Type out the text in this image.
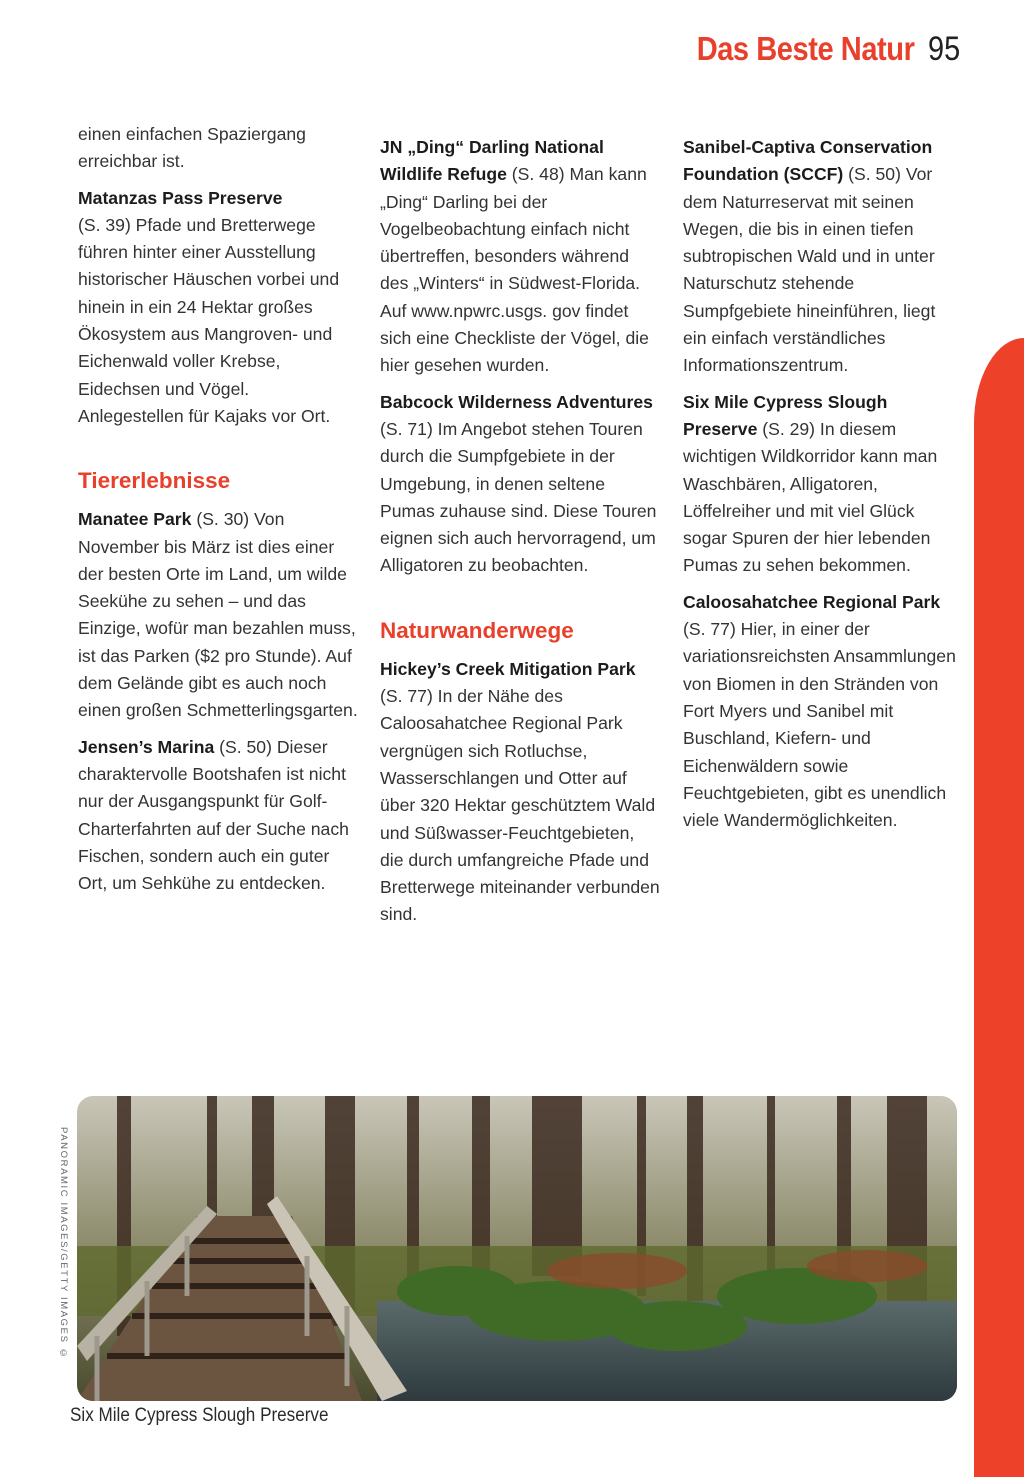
Das Beste Natur 95

einen einfachen Spaziergang erreichbar ist.

Matanzas Pass Preserve
(S. 39) Pfade und Bretterwege führen hinter einer Ausstellung historischer Häuschen vorbei und hinein in ein 24 Hektar großes Ökosystem aus Mangroven- und Eichenwald voller Krebse, Eidechsen und Vögel. Anlegestellen für Kajaks vor Ort.

Tiererlebnisse

Manatee Park (S. 30) Von November bis März ist dies einer der besten Orte im Land, um wilde Seekühe zu sehen – und das Einzige, wofür man bezahlen muss, ist das Parken ($2 pro Stunde). Auf dem Gelände gibt es auch noch einen großen Schmetterlingsgarten.

Jensen’s Marina (S. 50) Dieser charaktervolle Bootshafen ist nicht nur der Ausgangspunkt für Golf-Charterfahrten auf der Suche nach Fischen, sondern auch ein guter Ort, um Sehkühe zu entdecken.

JN „Ding“ Darling National Wildlife Refuge (S. 48) Man kann „Ding“ Darling bei der Vogelbeobachtung einfach nicht übertreffen, besonders während des „Winters“ in Südwest-Florida. Auf www.npwrc.usgs. gov findet sich eine Checkliste der Vögel, die hier gesehen wurden.

Babcock Wilderness Adventures (S. 71) Im Angebot stehen Touren durch die Sumpfgebiete in der Umgebung, in denen seltene Pumas zuhause sind. Diese Touren eignen sich auch hervorragend, um Alligatoren zu beobachten.

Naturwanderwege

Hickey’s Creek Mitigation Park (S. 77) In der Nähe des Caloosahatchee Regional Park vergnügen sich Rotluchse, Wasserschlangen und Otter auf über 320 Hektar geschütztem Wald und Süßwasser-Feuchtgebieten, die durch umfangreiche Pfade und Bretterwege miteinander verbunden sind.

Sanibel-Captiva Conservation Foundation (SCCF) (S. 50) Vor dem Naturreservat mit seinen Wegen, die bis in einen tiefen subtropischen Wald und in unter Naturschutz stehende Sumpfgebiete hineinführen, liegt ein einfach verständliches Informationszentrum.

Six Mile Cypress Slough Preserve (S. 29) In diesem wichtigen Wildkorridor kann man Waschbären, Alligatoren, Löffelreiher und mit viel Glück sogar Spuren der hier lebenden Pumas zu sehen bekommen.

Caloosahatchee Regional Park (S. 77) Hier, in einer der variationsreichsten Ansammlungen von Biomen in den Stränden von Fort Myers und Sanibel mit Buschland, Kiefern- und Eichenwäldern sowie Feuchtgebieten, gibt es unendlich viele Wandermöglichkeiten.

PANORAMIC IMAGES/GETTY IMAGES ©
Six Mile Cypress Slough Preserve
